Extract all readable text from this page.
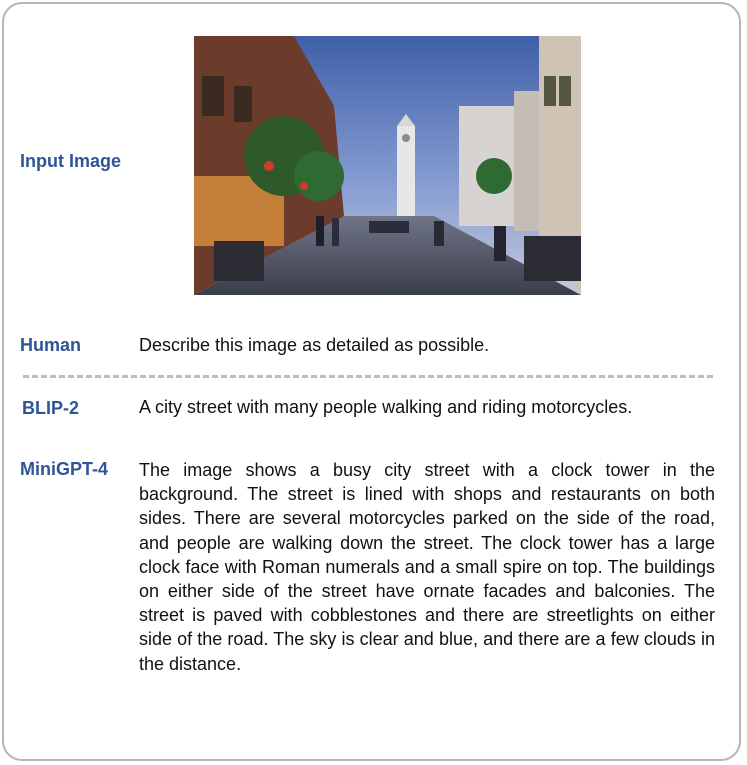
Input Image
Human	Describe this image as detailed as possible.
BLIP-2	A city street with many people walking and riding motorcycles.
MiniGPT-4 The image shows a busy city street with a clock tower in the background. The street is lined with shops and restaurants on both sides. There are several motorcycles parked on the side of the road, and people are walking down the street. The clock tower has a large clock face with Roman numerals and a small spire on top. The buildings on either side of the street have ornate facades and balconies. The street is paved with cobblestones and there are streetlights on either side of the road. The sky is clear and blue, and there are a few clouds in the distance.
